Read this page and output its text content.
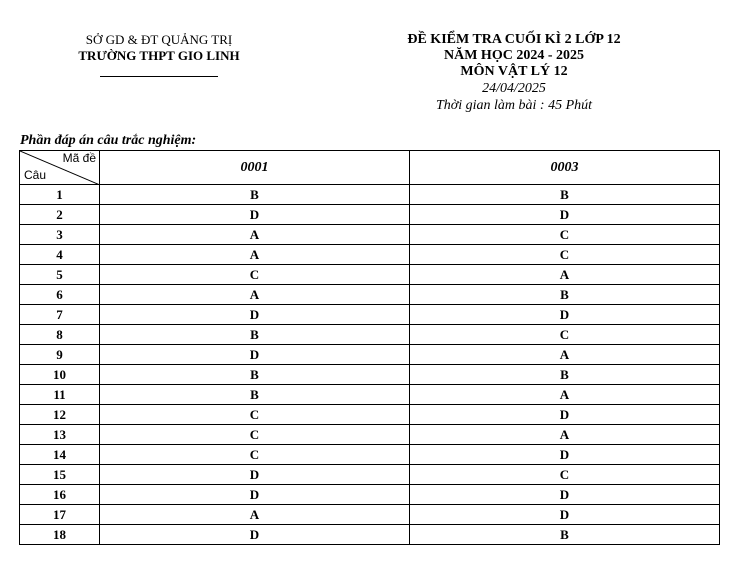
SỞ GD & ĐT QUẢNG TRỊ
TRƯỜNG THPT GIO LINH
ĐỀ KIỂM TRA CUỐI KÌ 2 LỚP 12
NĂM HỌC 2024 - 2025
MÔN VẬT LÝ 12
24/04/2025
Thời gian làm bài : 45 Phút
Phần đáp án câu trắc nghiệm:
Mã đề
Câu	0001	0003
1	B	B
2	D	D
3	A	C
4	A	C
5	C	A
6	A	B
7	D	D
8	B	C
9	D	A
10	B	B
11	B	A
12	C	D
13	C	A
14	C	D
15	D	C
16	D	D
17	A	D
18	D	B
